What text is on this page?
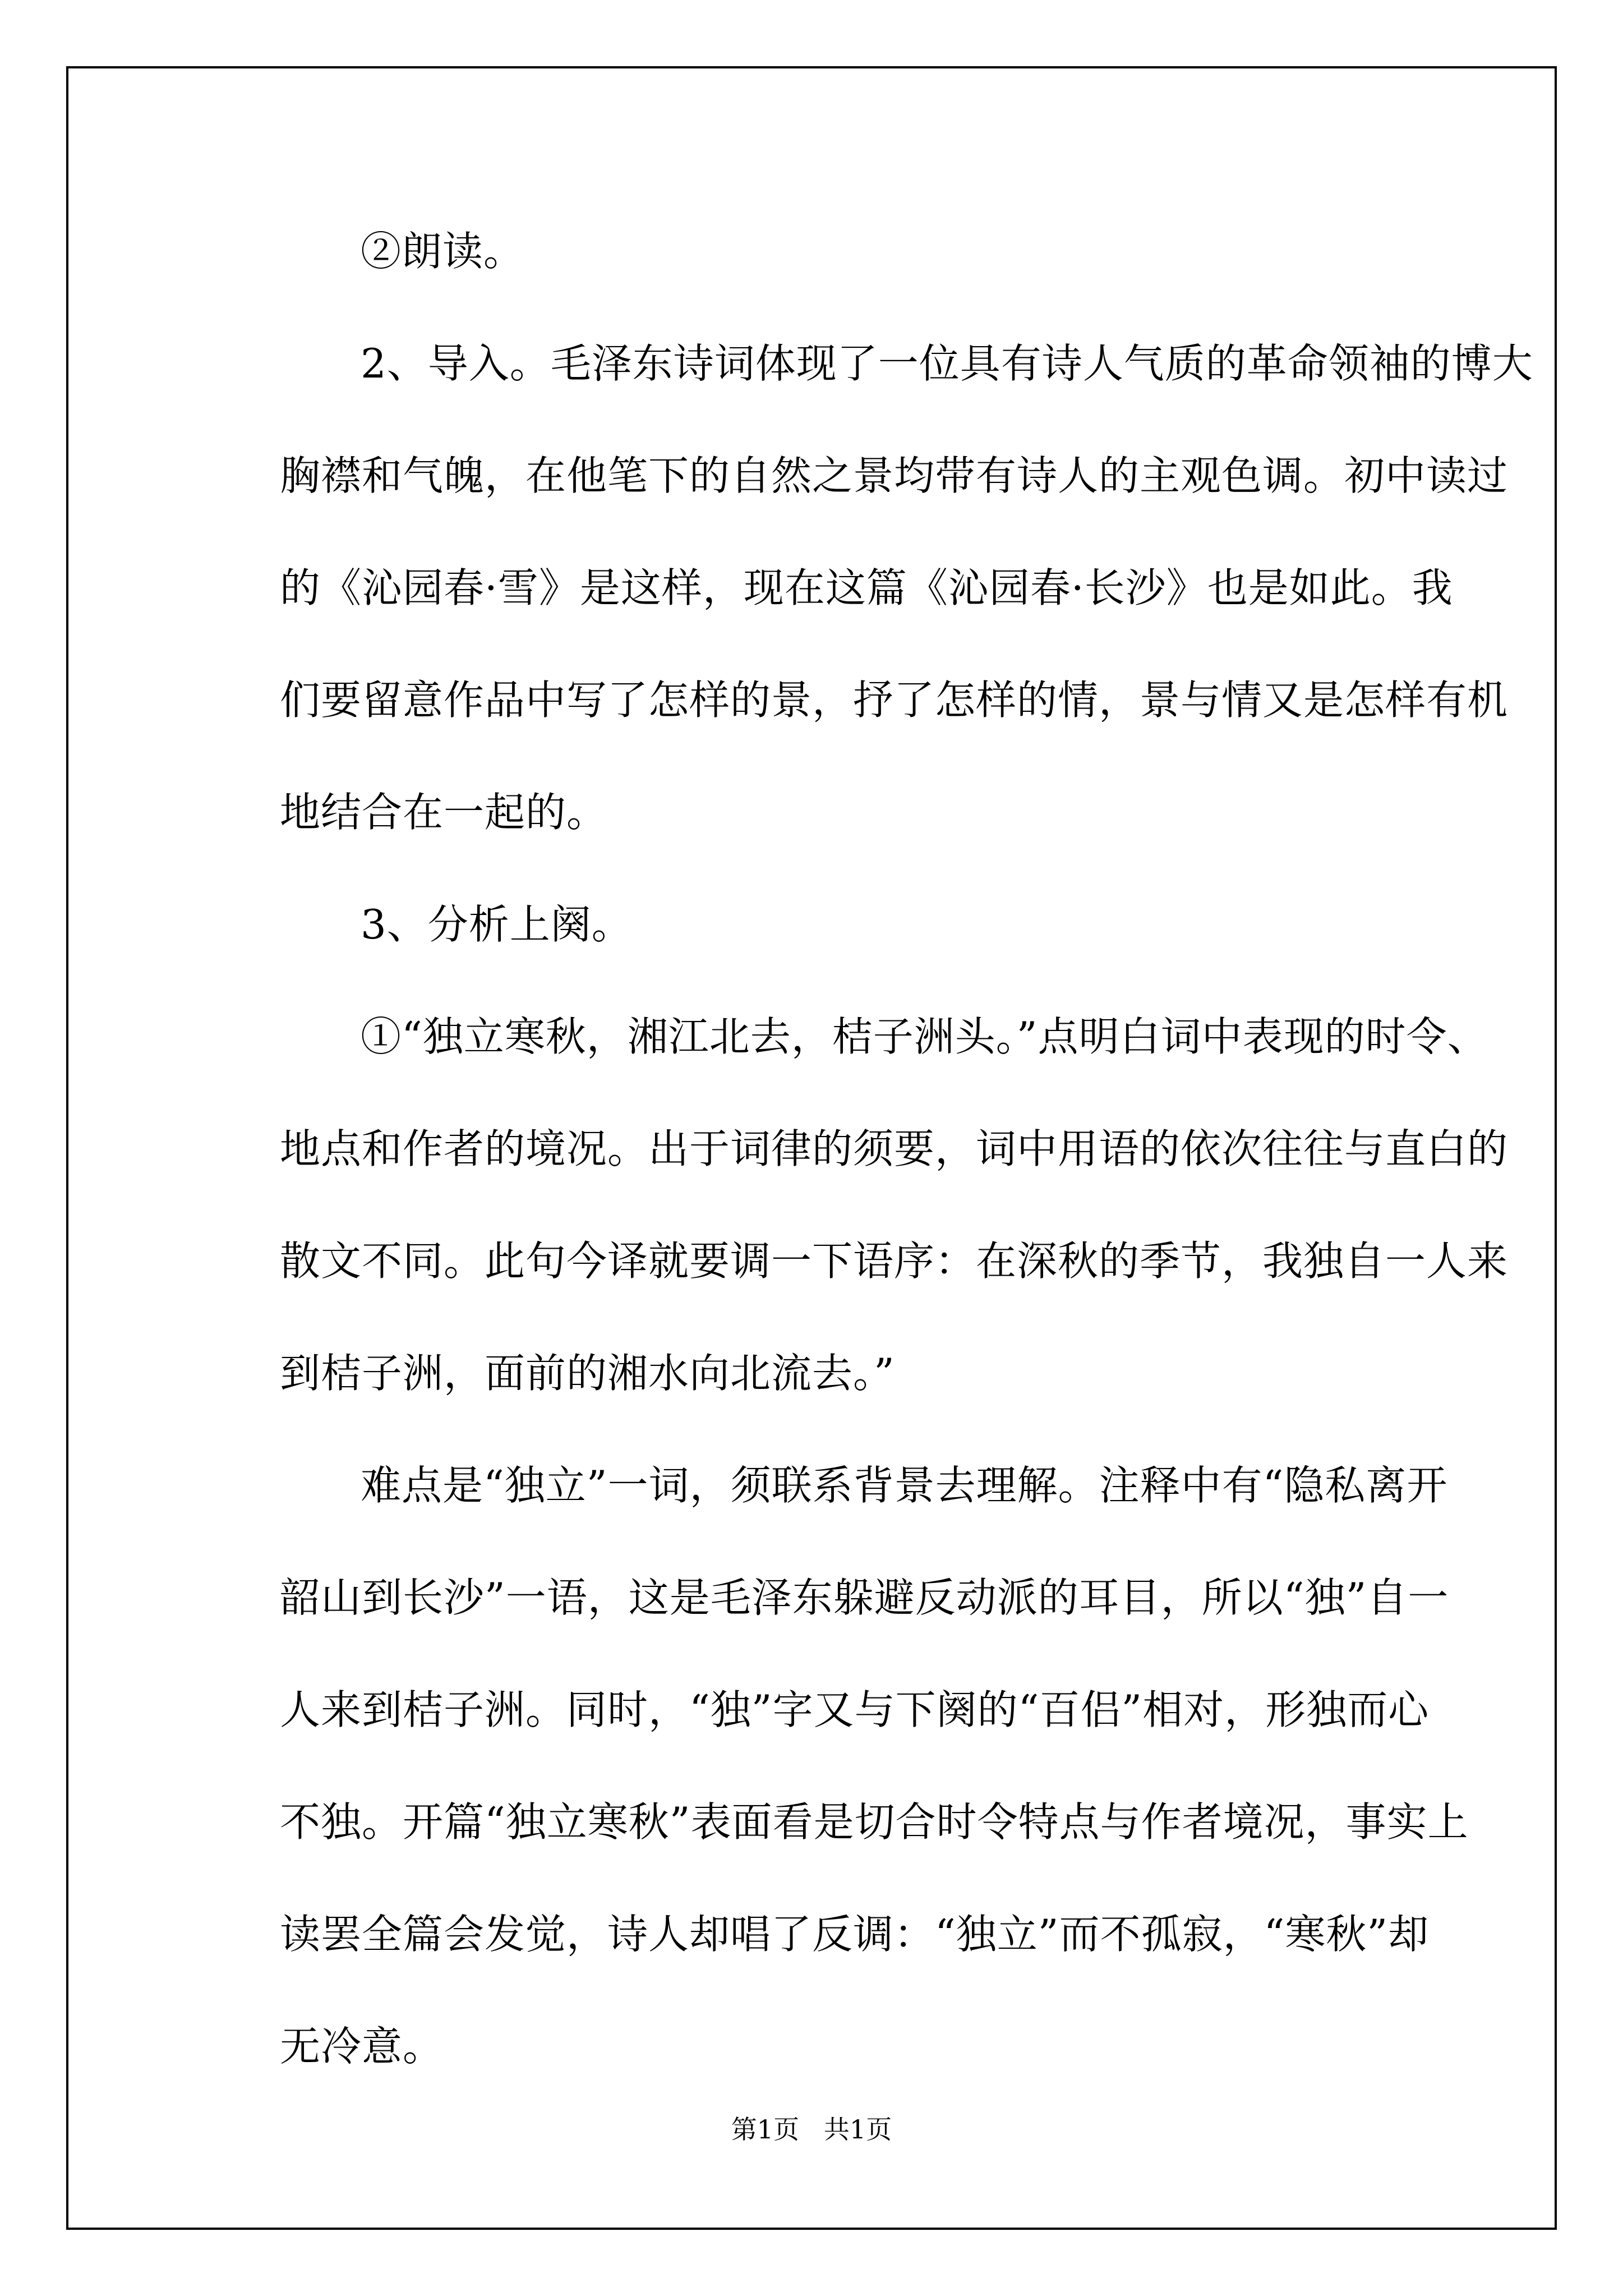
②朗读。
2、导入。毛泽东诗词体现了一位具有诗人气质的革命领袖的博大
胸襟和气魄，在他笔下的自然之景均带有诗人的主观色调。初中读过
的《沁园春·雪》是这样，现在这篇《沁园春·长沙》也是如此。我
们要留意作品中写了怎样的景，抒了怎样的情，景与情又是怎样有机
地结合在一起的。
3、分析上阕。
①“独立寒秋，湘江北去，桔子洲头。”点明白词中表现的时令、
地点和作者的境况。出于词律的须要，词中用语的依次往往与直白的
散文不同。此句今译就要调一下语序：在深秋的季节，我独自一人来
到桔子洲，面前的湘水向北流去。”
难点是“独立”一词，须联系背景去理解。注释中有“隐私离开
韶山到长沙”一语，这是毛泽东躲避反动派的耳目，所以“独”自一
人来到桔子洲。同时，“独”字又与下阕的“百侣”相对，形独而心
不独。开篇“独立寒秋”表面看是切合时令特点与作者境况，事实上
读罢全篇会发觉，诗人却唱了反调：“独立”而不孤寂，“寒秋”却
无冷意。
第1页   共1页
